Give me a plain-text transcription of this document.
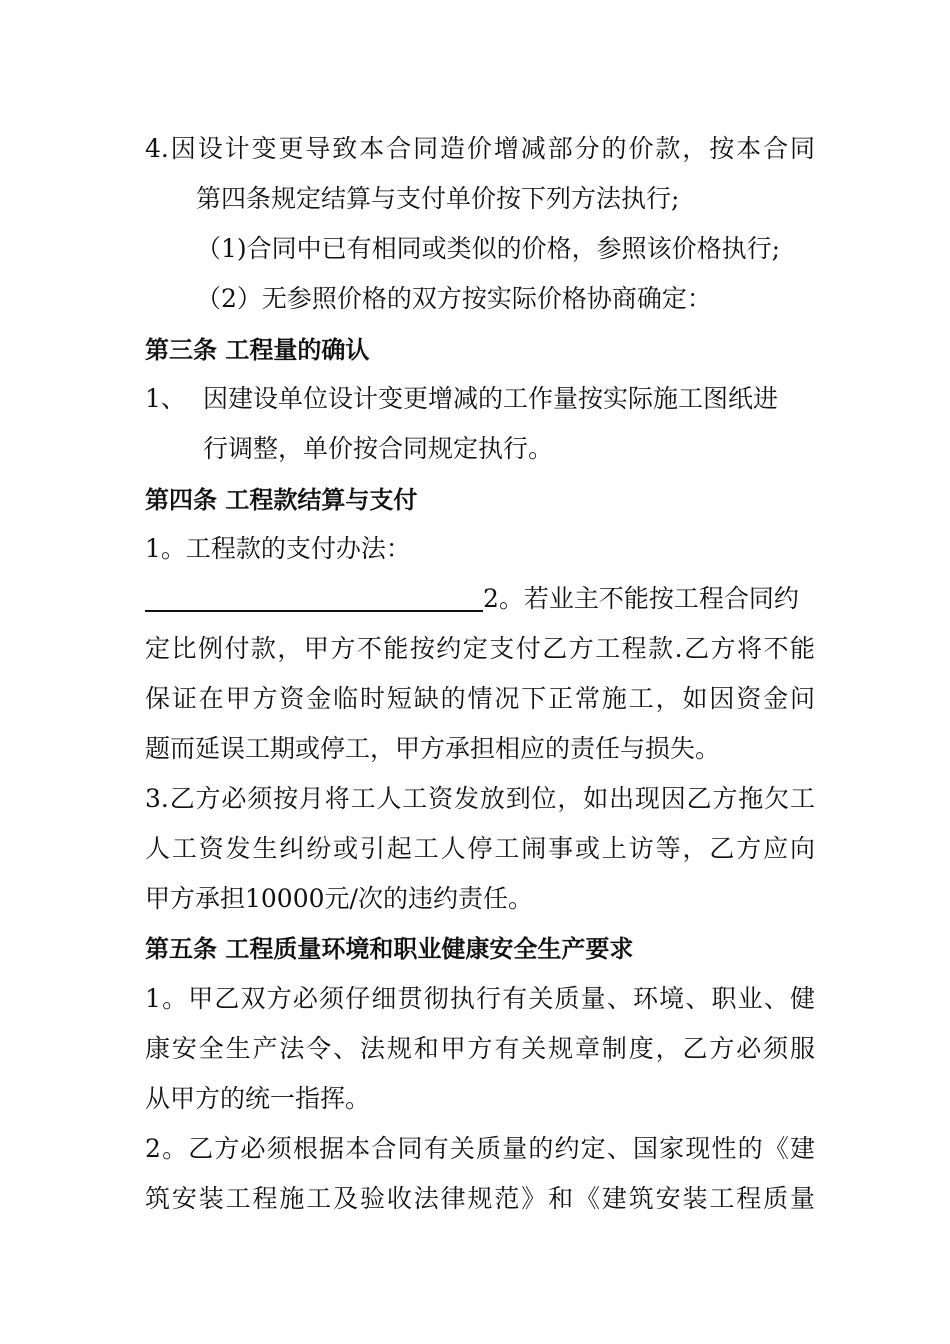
4.因设计变更导致本合同造价增减部分的价款，按本合同
第四条规定结算与支付单价按下列方法执行;
（1)合同中已有相同或类似的价格，参照该价格执行;
（2）无参照价格的双方按实际价格协商确定：
第三条 工程量的确认
1、 因建设单位设计变更增减的工作量按实际施工图纸进
行调整，单价按合同规定执行。
第四条 工程款结算与支付
1。工程款的支付办法：
2。若业主不能按工程合同约
定比例付款，甲方不能按约定支付乙方工程款.乙方将不能
保证在甲方资金临时短缺的情况下正常施工，如因资金问
题而延误工期或停工，甲方承担相应的责任与损失。
3.乙方必须按月将工人工资发放到位，如出现因乙方拖欠工
人工资发生纠纷或引起工人停工闹事或上访等，乙方应向
甲方承担10000元/次的违约责任。
第五条 工程质量环境和职业健康安全生产要求
1。甲乙双方必须仔细贯彻执行有关质量、环境、职业、健
康安全生产法令、法规和甲方有关规章制度，乙方必须服
从甲方的统一指挥。
2。乙方必须根据本合同有关质量的约定、国家现性的《建
筑安装工程施工及验收法律规范》和《建筑安装工程质量
